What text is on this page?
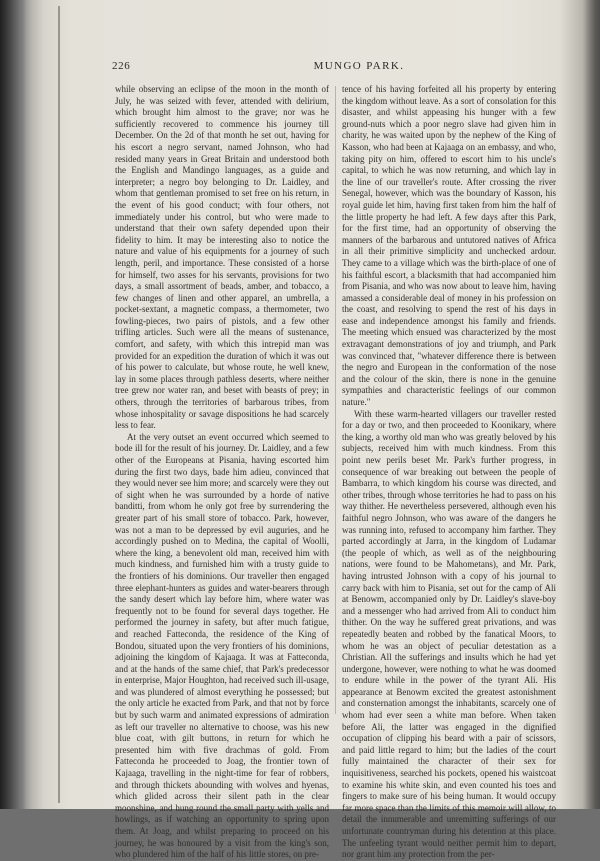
226	MUNGO PARK.

while observing an eclipse of the moon in the month of July, he was seized with fever, attended with delirium, which brought him almost to the grave; nor was he sufficiently recovered to commence his journey till December. On the 2d of that month he set out, having for his escort a negro servant, named Johnson, who had resided many years in Great Britain and understood both the English and Mandingo languages, as a guide and interpreter; a negro boy belonging to Dr. Laidley, and whom that gentleman promised to set free on his return, in the event of his good conduct; with four others, not immediately under his control, but who were made to understand that their own safety depended upon their fidelity to him. It may be interesting also to notice the nature and value of his equipments for a journey of such length, peril, and importance. These consisted of a horse for himself, two asses for his servants, provisions for two days, a small assortment of beads, amber, and tobacco, a few changes of linen and other apparel, an umbrella, a pocket-sextant, a magnetic compass, a thermometer, two fowling-pieces, two pairs of pistols, and a few other trifling articles. Such were all the means of sustenance, comfort, and safety, with which this intrepid man was provided for an expedition the duration of which it was out of his power to calculate, but whose route, he well knew, lay in some places through pathless deserts, where neither tree grew nor water ran, and beset with beasts of prey; in others, through the territories of barbarous tribes, from whose inhospitality or savage dispositions he had scarcely less to fear.

At the very outset an event occurred which seemed to bode ill for the result of his journey. Dr. Laidley, and a few other of the Europeans at Pisania, having escorted him during the first two days, bade him adieu, convinced that they would never see him more; and scarcely were they out of sight when he was surrounded by a horde of native banditti, from whom he only got free by surrendering the greater part of his small store of tobacco. Park, however, was not a man to be depressed by evil auguries, and he accordingly pushed on to Medina, the capital of Woolli, where the king, a benevolent old man, received him with much kindness, and furnished him with a trusty guide to the frontiers of his dominions. Our traveller then engaged three elephant-hunters as guides and water-bearers through the sandy desert which lay before him, where water was frequently not to be found for several days together. He performed the journey in safety, but after much fatigue, and reached Fatteconda, the residence of the King of Bondou, situated upon the very frontiers of his dominions, adjoining the kingdom of Kajaaga. It was at Fatteconda, and at the hands of the same chief, that Park's predecessor in enterprise, Major Houghton, had received such ill-usage, and was plundered of almost everything he possessed; but the only article he exacted from Park, and that not by force but by such warm and animated expressions of admiration as left our traveller no alternative to choose, was his new blue coat, with gilt buttons, in return for which he presented him with five drachmas of gold. From Fatteconda he proceeded to Joag, the frontier town of Kajaaga, travelling in the night-time for fear of robbers, and through thickets abounding with wolves and hyenas, which glided across their silent path in the clear moonshine, and hung round the small party with yells and howlings, as if watching an opportunity to spring upon them. At Joag, and whilst preparing to proceed on his journey, he was honoured by a visit from the king's son, who plundered him of the half of his little stores, on pre-

tence of his having forfeited all his property by entering the kingdom without leave. As a sort of consolation for this disaster, and whilst appeasing his hunger with a few ground-nuts which a poor negro slave had given him in charity, he was waited upon by the nephew of the King of Kasson, who had been at Kajaaga on an embassy, and who, taking pity on him, offered to escort him to his uncle's capital, to which he was now returning, and which lay in the line of our traveller's route. After crossing the river Senegal, however, which was the boundary of Kasson, his royal guide let him, having first taken from him the half of the little property he had left. A few days after this Park, for the first time, had an opportunity of observing the manners of the barbarous and untutored natives of Africa in all their primitive simplicity and unchecked ardour. They came to a village which was the birth-place of one of his faithful escort, a blacksmith that had accompanied him from Pisania, and who was now about to leave him, having amassed a considerable deal of money in his profession on the coast, and resolving to spend the rest of his days in ease and independence amongst his family and friends. The meeting which ensued was characterized by the most extravagant demonstrations of joy and triumph, and Park was convinced that, "whatever difference there is between the negro and European in the conformation of the nose and the colour of the skin, there is none in the genuine sympathies and characteristic feelings of our common nature."

With these warm-hearted villagers our traveller rested for a day or two, and then proceeded to Koonikary, where the king, a worthy old man who was greatly beloved by his subjects, received him with much kindness. From this point new perils beset Mr. Park's further progress, in consequence of war breaking out between the people of Bambarra, to which kingdom his course was directed, and other tribes, through whose territories he had to pass on his way thither. He nevertheless persevered, although even his faithful negro Johnson, who was aware of the dangers he was running into, refused to accompany him farther. They parted accordingly at Jarra, in the kingdom of Ludamar (the people of which, as well as of the neighbouring nations, were found to be Mahometans), and Mr. Park, having intrusted Johnson with a copy of his journal to carry back with him to Pisania, set out for the camp of Ali at Benowm, accompanied only by Dr. Laidley's slave-boy and a messenger who had arrived from Ali to conduct him thither. On the way he suffered great privations, and was repeatedly beaten and robbed by the fanatical Moors, to whom he was an object of peculiar detestation as a Christian. All the sufferings and insults which he had yet undergone, however, were nothing to what he was doomed to endure while in the power of the tyrant Ali. His appearance at Benowm excited the greatest astonishment and consternation amongst the inhabitants, scarcely one of whom had ever seen a white man before. When taken before Ali, the latter was engaged in the dignified occupation of clipping his beard with a pair of scissors, and paid little regard to him; but the ladies of the court fully maintained the character of their sex for inquisitiveness, searched his pockets, opened his waistcoat to examine his white skin, and even counted his toes and fingers to make sure of his being human. It would occupy far more space than the limits of this memoir will allow, to detail the innumerable and unremitting sufferings of our unfortunate countryman during his detention at this place. The unfeeling tyrant would neither permit him to depart, nor grant him any protection from the per-
